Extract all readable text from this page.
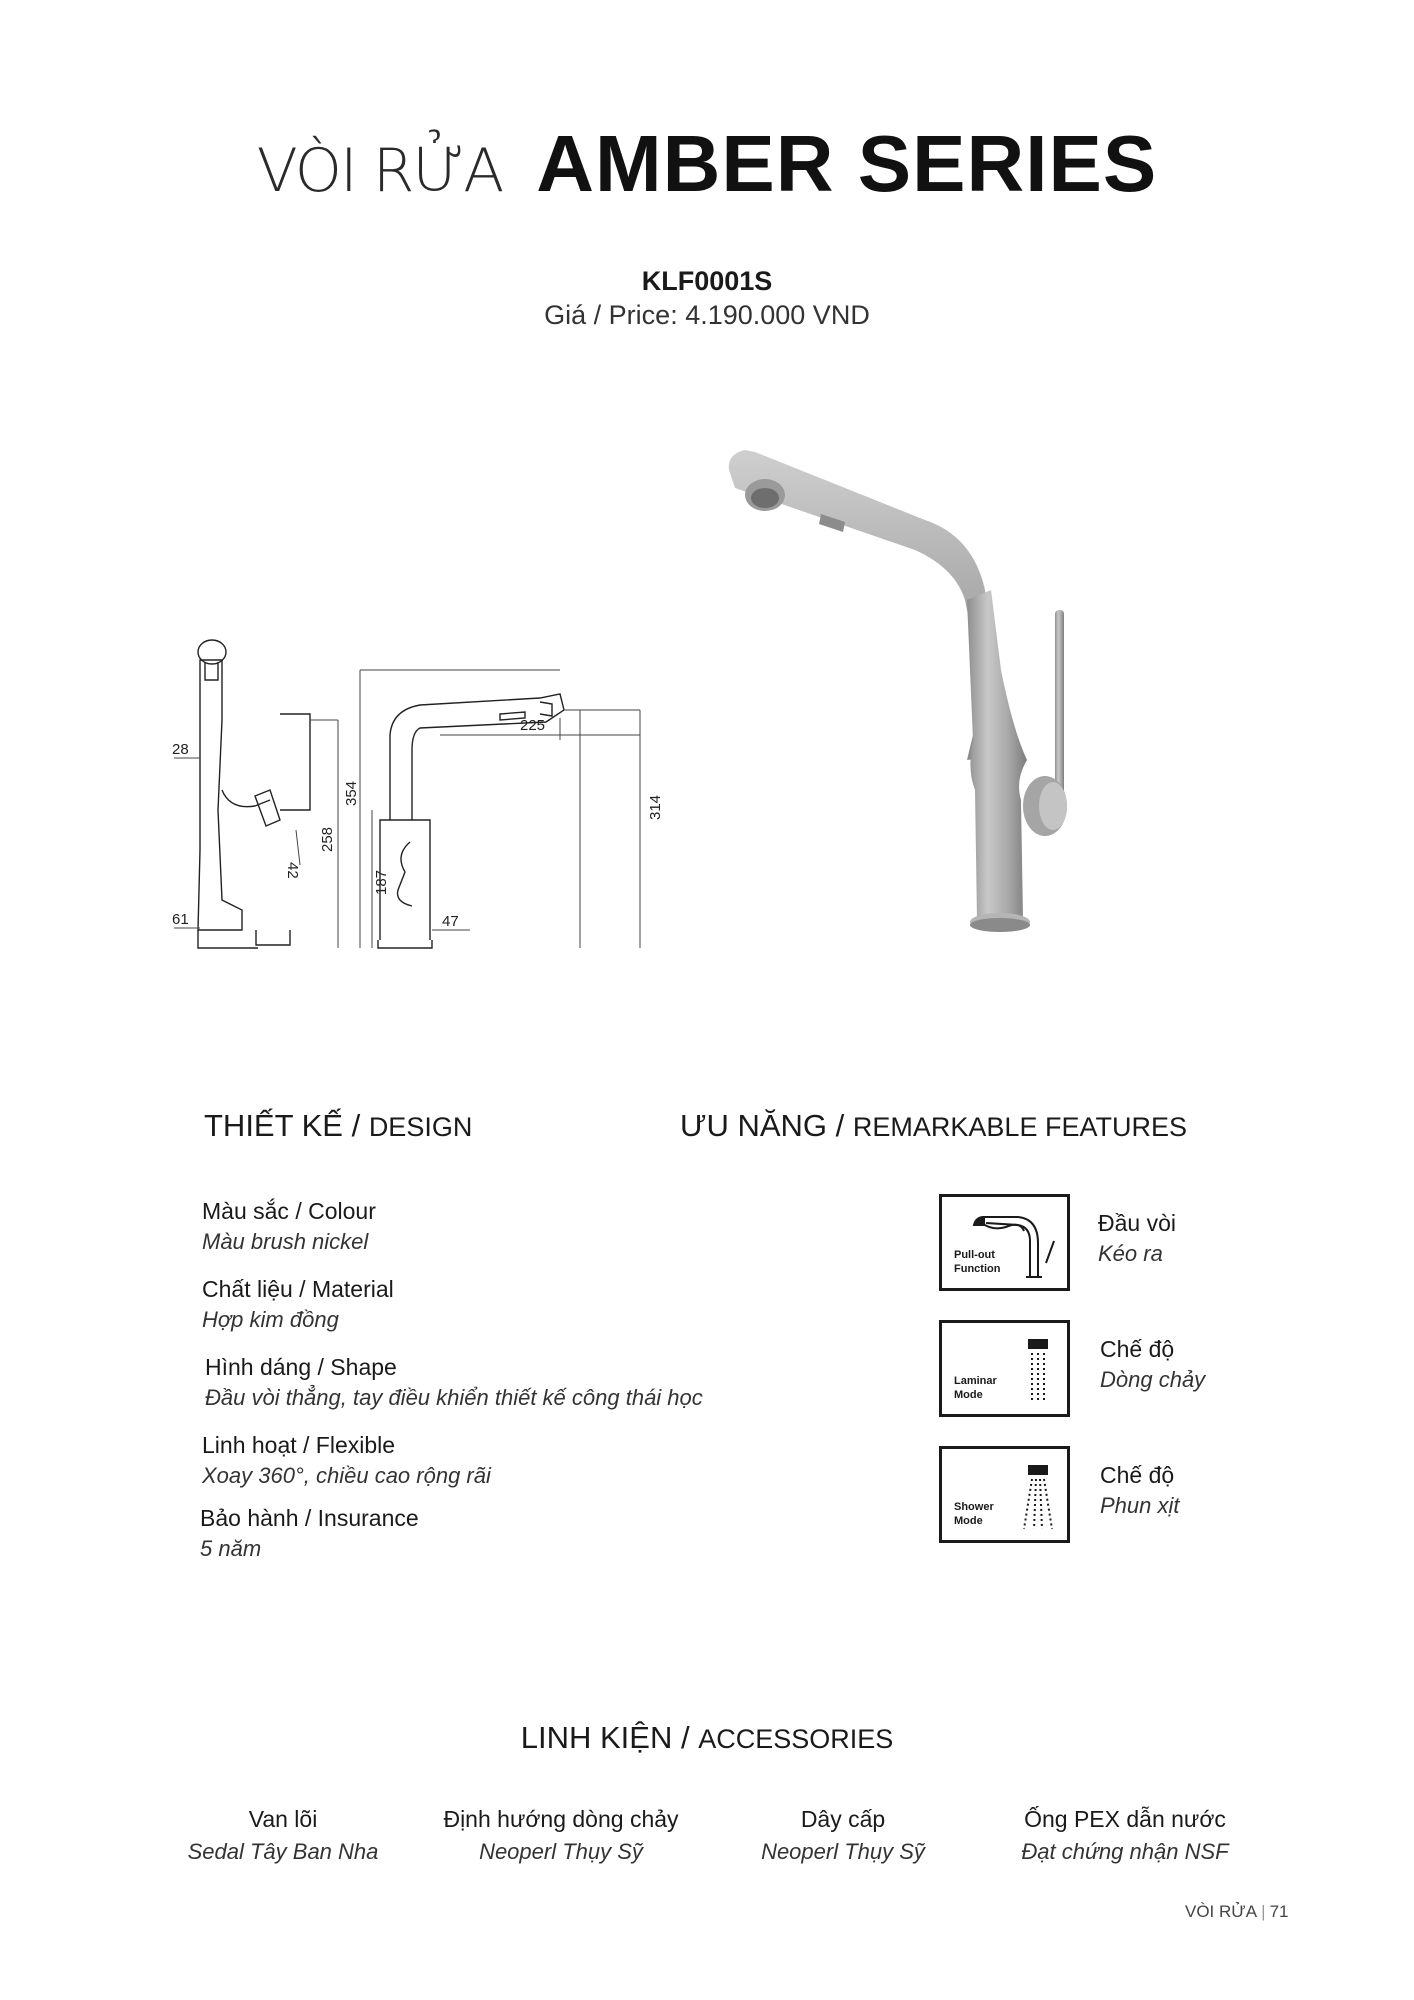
VÒI RỬA AMBER SERIES
KLF0001S
Giá / Price: 4.190.000 VND
28
61
42
258
354
187
225
47
314
THIẾT KẾ / DESIGN
Màu sắc / Colour
Màu brush nickel
Chất liệu / Material
Hợp kim đồng
Hình dáng / Shape
Đầu vòi thẳng, tay điều khiển thiết kế công thái học
Linh hoạt / Flexible
Xoay 360°, chiều cao rộng rãi
Bảo hành / Insurance
5 năm
ƯU NĂNG / REMARKABLE FEATURES
Pull-out
Function
Đầu vòi
Kéo ra
Laminar
Mode
Chế độ
Dòng chảy
Shower
Mode
Chế độ
Phun xịt
LINH KIỆN / ACCESSORIES
Van lõi
Sedal Tây Ban Nha
Định hướng dòng chảy
Neoperl Thụy Sỹ
Dây cấp
Neoperl Thụy Sỹ
Ống PEX dẫn nước
Đạt chứng nhận NSF
VÒI RỬA | 71
